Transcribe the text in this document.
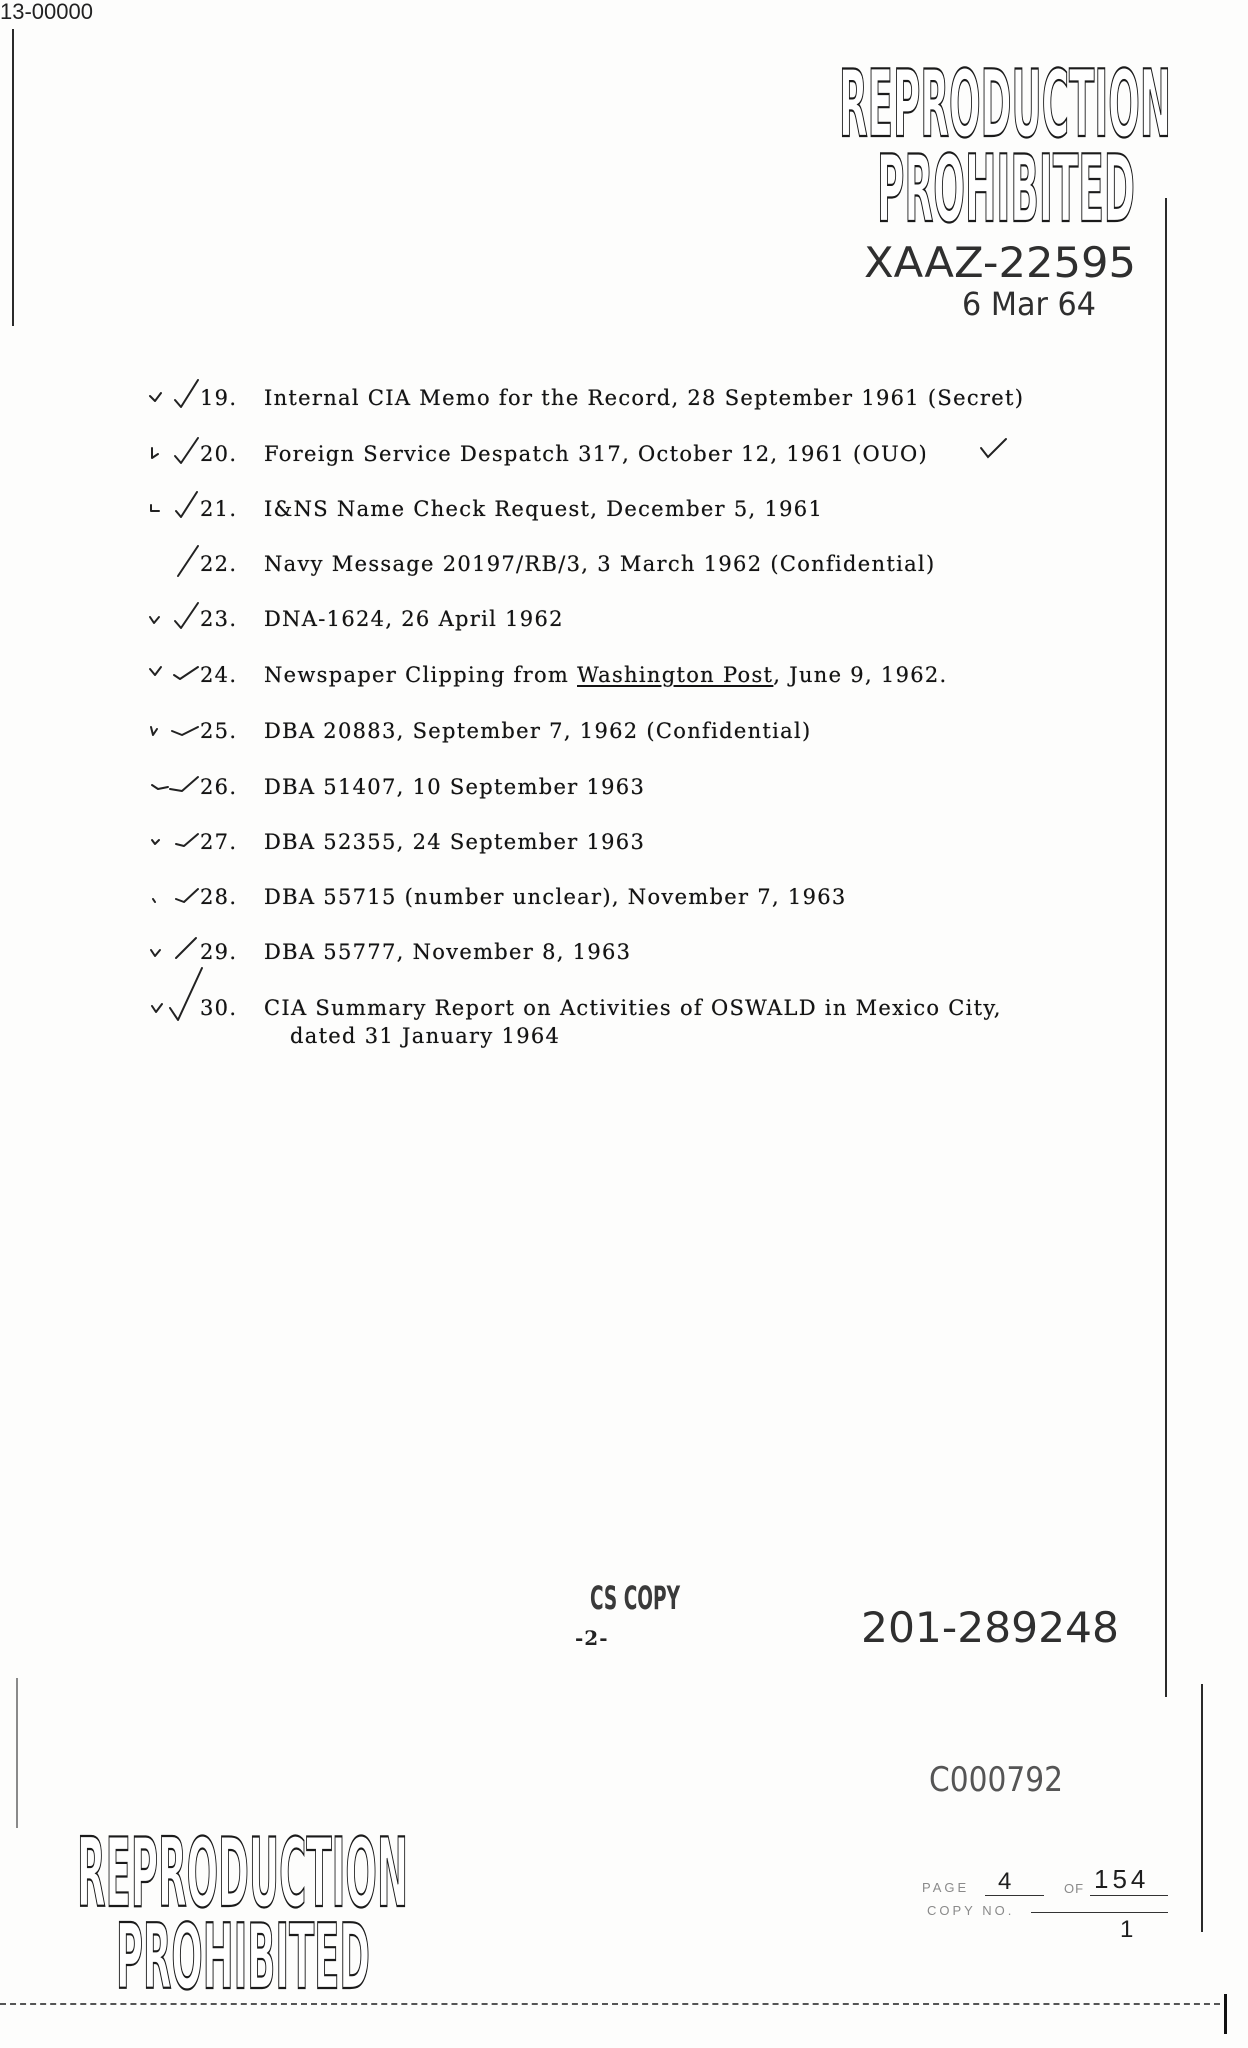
13-00000
REPRODUCTION
PROHIBITED
XAAZ-22595
6 Mar 64
19. Internal CIA Memo for the Record, 28 September 1961 (Secret)
20. Foreign Service Despatch 317, October 12, 1961 (OUO)
21. I&NS Name Check Request, December 5, 1961
22. Navy Message 20197/RB/3, 3 March 1962 (Confidential)
23. DNA-1624, 26 April 1962
24. Newspaper Clipping from Washington Post, June 9, 1962.
25. DBA 20883, September 7, 1962 (Confidential)
26. DBA 51407, 10 September 1963
27. DBA 52355, 24 September 1963
28. DBA 55715 (number unclear), November 7, 1963
29. DBA 55777, November 8, 1963
30. CIA Summary Report on Activities of OSWALD in Mexico City,
dated 31 January 1964
CS COPY
-2-	201-289248
C000792
REPRODUCTION
PROHIBITED
PAGE 4	OF 154
COPY NO.
1
